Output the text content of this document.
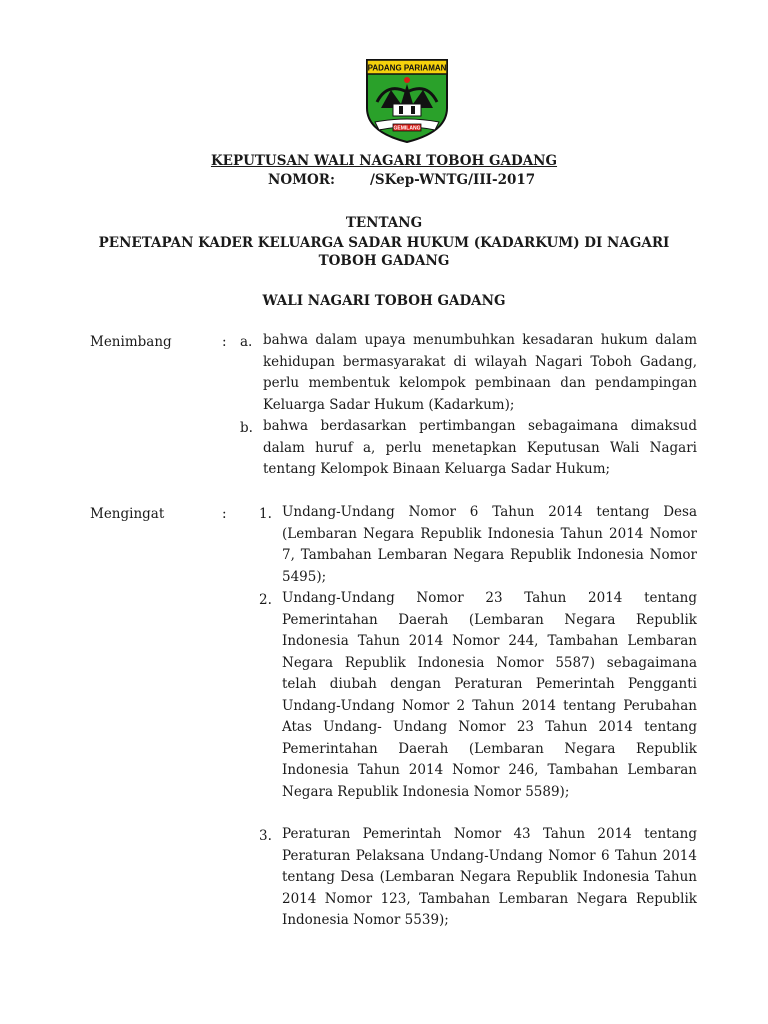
PADANG PARIAMAN
GEMILANG
KEPUTUSAN WALI NAGARI TOBOH GADANG
NOMOR:	/SKep-WNTG/III-2017
TENTANG
PENETAPAN KADER KELUARGA SADAR HUKUM (KADARKUM) DI NAGARI
TOBOH GADANG
WALI NAGARI TOBOH GADANG
Menimbang	: a. bahwa dalam upaya menumbuhkan kesadaran hukum dalam kehidupan bermasyarakat di wilayah Nagari Toboh Gadang, perlu membentuk kelompok pembinaan dan pendampingan Keluarga Sadar Hukum (Kadarkum);
b. bahwa berdasarkan pertimbangan sebagaimana dimaksud dalam huruf a, perlu menetapkan Keputusan Wali Nagari tentang Kelompok Binaan Keluarga Sadar Hukum;
Mengingat	: 1. Undang-Undang Nomor 6 Tahun 2014 tentang Desa (Lembaran Negara Republik Indonesia Tahun 2014 Nomor 7, Tambahan Lembaran Negara Republik Indonesia Nomor 5495);
2. Undang-Undang Nomor 23 Tahun 2014 tentang Pemerintahan Daerah (Lembaran Negara Republik Indonesia Tahun 2014 Nomor 244, Tambahan Lembaran Negara Republik Indonesia Nomor 5587) sebagaimana telah diubah dengan Peraturan Pemerintah Pengganti Undang-Undang Nomor 2 Tahun 2014 tentang Perubahan Atas Undang- Undang Nomor 23 Tahun 2014 tentang Pemerintahan Daerah (Lembaran Negara Republik Indonesia Tahun 2014 Nomor 246, Tambahan Lembaran Negara Republik Indonesia Nomor 5589);
3. Peraturan Pemerintah Nomor 43 Tahun 2014 tentang Peraturan Pelaksana Undang-Undang Nomor 6 Tahun 2014 tentang Desa (Lembaran Negara Republik Indonesia Tahun 2014 Nomor 123, Tambahan Lembaran Negara Republik Indonesia Nomor 5539);
